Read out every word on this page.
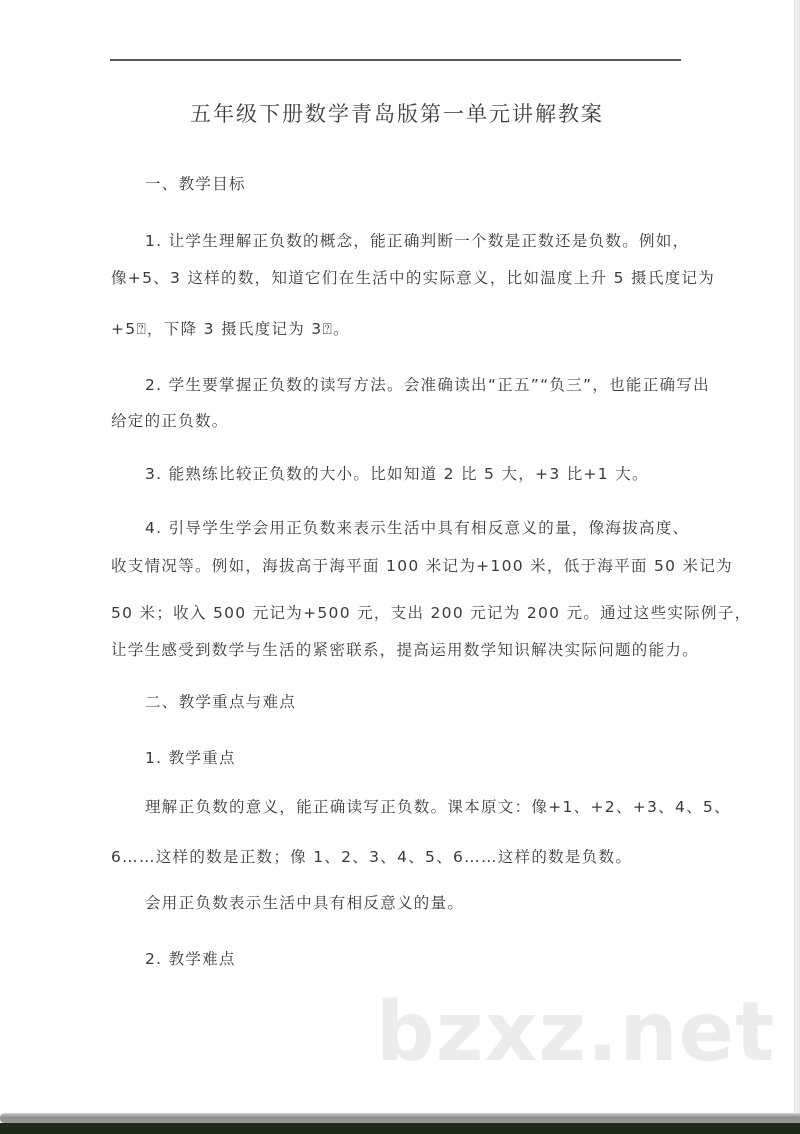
五年级下册数学青岛版第一单元讲解教案
一、教学目标
1. 让学生理解正负数的概念，能正确判断一个数是正数还是负数。例如，
像+5、3 这样的数，知道它们在生活中的实际意义，比如温度上升 5 摄氏度记为
+5⍰，下降 3 摄氏度记为 3⍰。
2. 学生要掌握正负数的读写方法。会准确读出“正五”“负三”，也能正确写出
给定的正负数。
3. 能熟练比较正负数的大小。比如知道 2 比 5 大，+3 比+1 大。
4. 引导学生学会用正负数来表示生活中具有相反意义的量，像海拔高度、
收支情况等。例如，海拔高于海平面 100 米记为+100 米，低于海平面 50 米记为
50 米；收入 500 元记为+500 元，支出 200 元记为 200 元。通过这些实际例子，
让学生感受到数学与生活的紧密联系，提高运用数学知识解决实际问题的能力。
二、教学重点与难点
1. 教学重点
理解正负数的意义，能正确读写正负数。课本原文：像+1、+2、+3、4、5、
6……这样的数是正数；像 1、2、3、4、5、6……这样的数是负数。
会用正负数表示生活中具有相反意义的量。
2. 教学难点
bzxz.net
